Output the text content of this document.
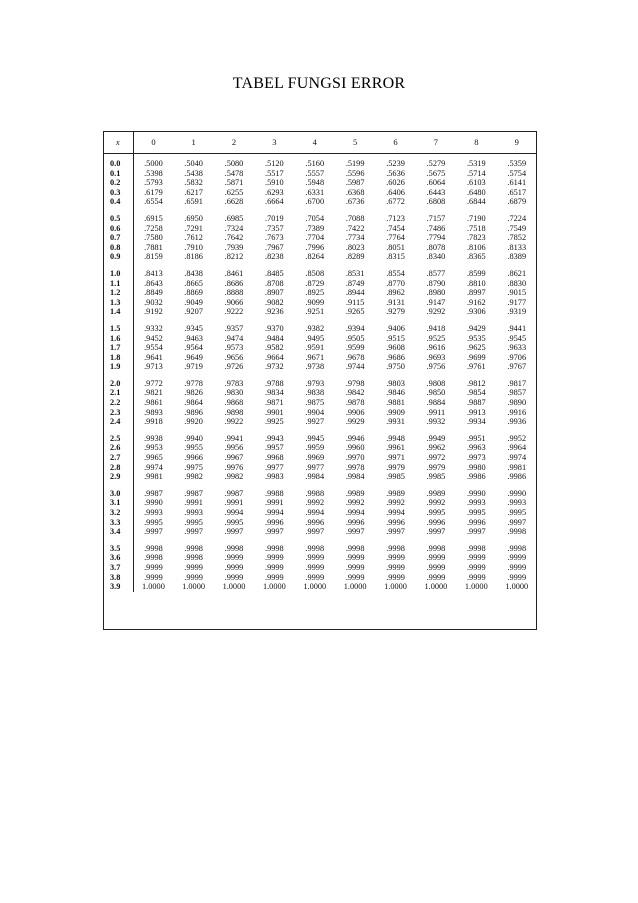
TABEL FUNGSI ERROR
x	0	1	2	3	4	5	6	7	8	9

0.0	.5000	.5040	.5080	.5120	.5160	.5199	.5239	.5279	.5319	.5359
0.1	.5398	.5438	.5478	.5517	.5557	.5596	.5636	.5675	.5714	.5754
0.2	.5793	.5832	.5871	.5910	.5948	.5987	.6026	.6064	.6103	.6141
0.3	.6179	.6217	.6255	.6293	.6331	.6368	.6406	.6443	.6480	.6517
0.4	.6554	.6591	.6628	.6664	.6700	.6736	.6772	.6808	.6844	.6879

0.5	.6915	.6950	.6985	.7019	.7054	.7088	.7123	.7157	.7190	.7224
0.6	.7258	.7291	.7324	.7357	.7389	.7422	.7454	.7486	.7518	.7549
0.7	.7580	.7612	.7642	.7673	.7704	.7734	.7764	.7794	.7823	.7852
0.8	.7881	.7910	.7939	.7967	.7996	.8023	.8051	.8078	.8106	.8133
0.9	.8159	.8186	.8212	.8238	.8264	.8289	.8315	.8340	.8365	.8389

1.0	.8413	.8438	.8461	.8485	.8508	.8531	.8554	.8577	.8599	.8621
1.1	.8643	.8665	.8686	.8708	.8729	.8749	.8770	.8790	.8810	.8830
1.2	.8849	.8869	.8888	.8907	.8925	.8944	.8962	.8980	.8997	.9015
1.3	.9032	.9049	.9066	.9082	.9099	.9115	.9131	.9147	.9162	.9177
1.4	.9192	.9207	.9222	.9236	.9251	.9265	.9279	.9292	.9306	.9319

1.5	.9332	.9345	.9357	.9370	.9382	.9394	.9406	.9418	.9429	.9441
1.6	.9452	.9463	.9474	.9484	.9495	.9505	.9515	.9525	.9535	.9545
1.7	.9554	.9564	.9573	.9582	.9591	.9599	.9608	.9616	.9625	.9633
1.8	.9641	.9649	.9656	.9664	.9671	.9678	.9686	.9693	.9699	.9706
1.9	.9713	.9719	.9726	.9732	.9738	.9744	.9750	.9756	.9761	.9767

2.0	.9772	.9778	.9783	.9788	.9793	.9798	.9803	.9808	.9812	.9817
2.1	.9821	.9826	.9830	.9834	.9838	.9842	.9846	.9850	.9854	.9857
2.2	.9861	.9864	.9868	.9871	.9875	.9878	.9881	.9884	.9887	.9890
2.3	.9893	.9896	.9898	.9901	.9904	.9906	.9909	.9911	.9913	.9916
2.4	.9918	.9920	.9922	.9925	.9927	.9929	.9931	.9932	.9934	.9936

2.5	.9938	.9940	.9941	.9943	.9945	.9946	.9948	.9949	.9951	.9952
2.6	.9953	.9955	.9956	.9957	.9959	.9960	.9961	.9962	.9963	.9964
2.7	.9965	.9966	.9967	.9968	.9969	.9970	.9971	.9972	.9973	.9974
2.8	.9974	.9975	.9976	.9977	.9977	.9978	.9979	.9979	.9980	.9981
2.9	.9981	.9982	.9982	.9983	.9984	.9984	.9985	.9985	.9986	.9986

3.0	.9987	.9987	.9987	.9988	.9988	.9989	.9989	.9989	.9990	.9990
3.1	.9990	.9991	.9991	.9991	.9992	.9992	.9992	.9992	.9993	.9993
3.2	.9993	.9993	.9994	.9994	.9994	.9994	.9994	.9995	.9995	.9995
3.3	.9995	.9995	.9995	.9996	.9996	.9996	.9996	.9996	.9996	.9997
3.4	.9997	.9997	.9997	.9997	.9997	.9997	.9997	.9997	.9997	.9998

3.5	.9998	.9998	.9998	.9998	.9998	.9998	.9998	.9998	.9998	.9998
3.6	.9998	.9998	.9999	.9999	.9999	.9999	.9999	.9999	.9999	.9999
3.7	.9999	.9999	.9999	.9999	.9999	.9999	.9999	.9999	.9999	.9999
3.8	.9999	.9999	.9999	.9999	.9999	.9999	.9999	.9999	.9999	.9999
3.9	1.0000	1.0000	1.0000	1.0000	1.0000	1.0000	1.0000	1.0000	1.0000	1.0000
